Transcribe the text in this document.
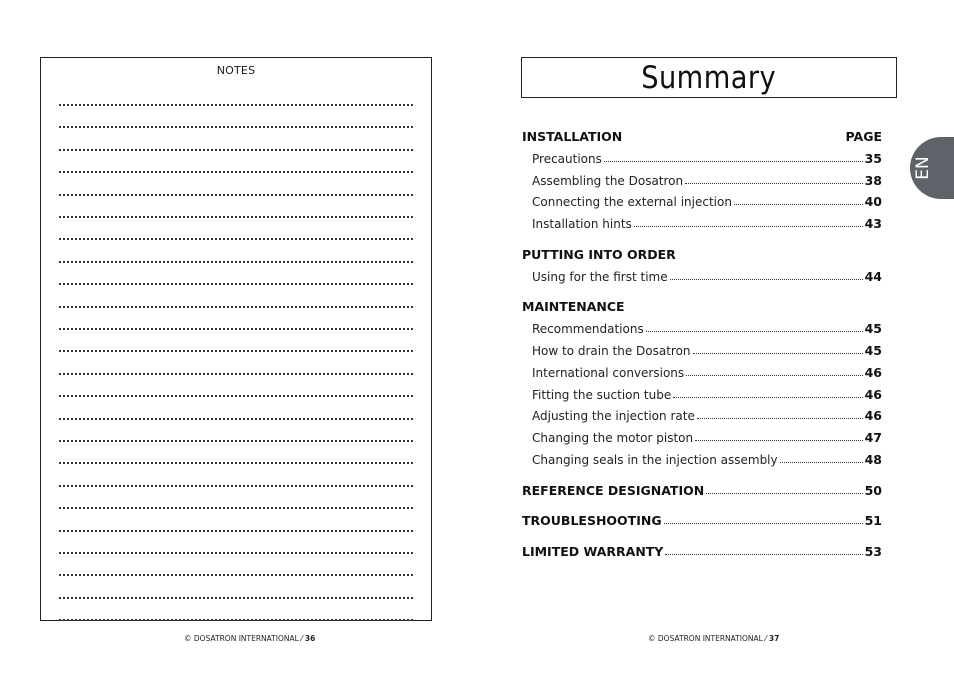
NOTES
© DOSATRON INTERNATIONAL ⁄ 36
Summary
INSTALLATION	PAGE
Precautions	35
Assembling the Dosatron	38
Connecting the external injection	40
Installation hints	43
PUTTING INTO ORDER
Using for the first time	44
MAINTENANCE
Recommendations	45
How to drain the Dosatron	45
International conversions	46
Fitting the suction tube	46
Adjusting the injection rate	46
Changing the motor piston	47
Changing seals in the injection assembly	48
REFERENCE DESIGNATION	50
TROUBLESHOOTING	51
LIMITED WARRANTY	53
EN
© DOSATRON INTERNATIONAL ⁄ 37
